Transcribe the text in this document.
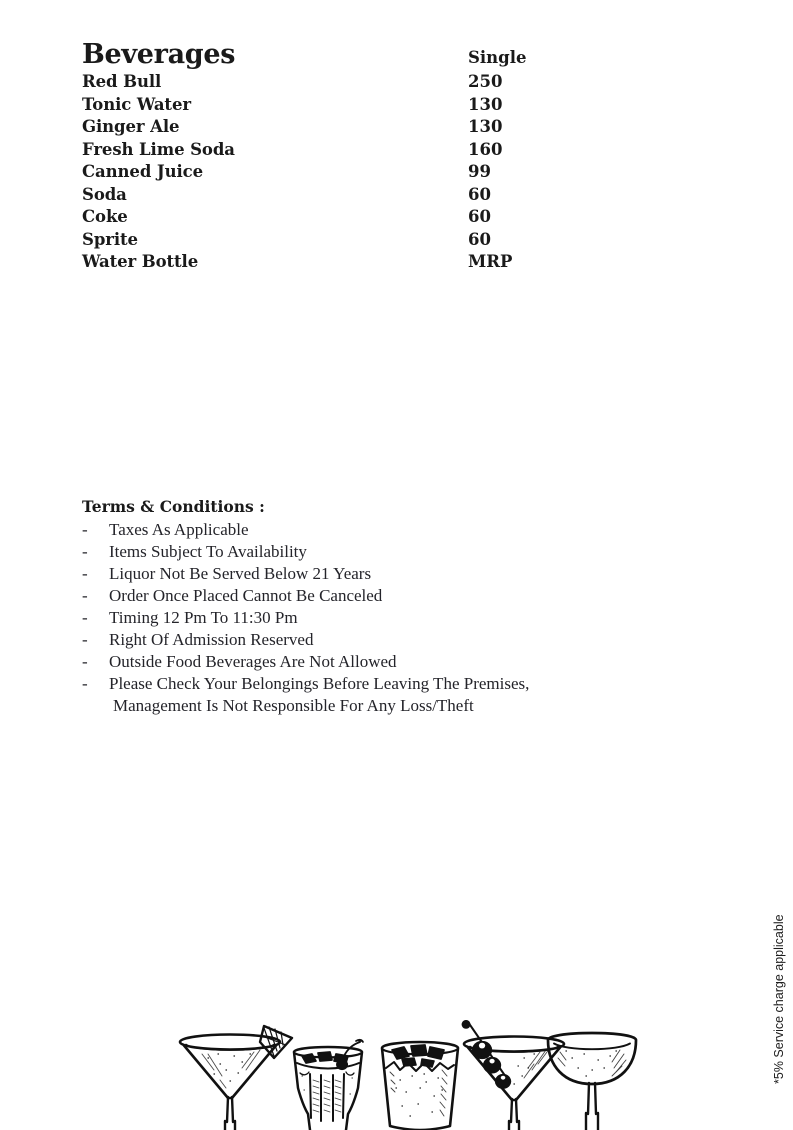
Beverages	Single
Red Bull	250
Tonic Water	130
Ginger Ale	130
Fresh Lime Soda	160
Canned Juice	99
Soda	60
Coke	60
Sprite	60
Water Bottle	MRP
Terms & Conditions :
-	Taxes As Applicable
-	Items Subject To Availability
-	Liquor Not Be Served Below 21 Years
-	Order Once Placed Cannot Be Canceled
-	Timing 12 Pm To 11:30 Pm
-	Right Of Admission Reserved
-	Outside Food Beverages Are Not Allowed
-	Please Check Your Belongings Before Leaving The Premises,
Management Is Not Responsible For Any Loss/Theft
*5% Service charge applicable
